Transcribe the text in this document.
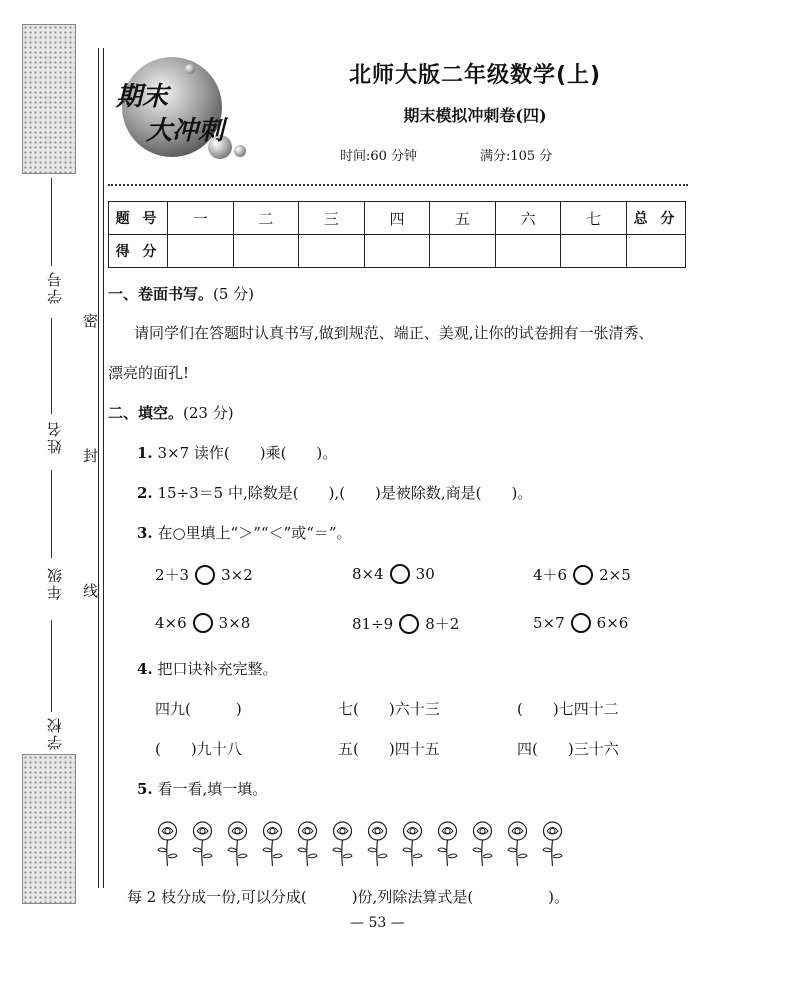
学号
姓名
年级
学校
密
封
线
期末
大冲刺
北师大版二年级数学(上)
期末模拟冲刺卷(四)
时间:60 分钟	满分:105 分
题 号	一	二	三	四	五	六	七	总 分
得 分								
一、卷面书写。(5 分)
请同学们在答题时认真书写,做到规范、端正、美观,让你的试卷拥有一张清秀、
漂亮的面孔!
二、填空。(23 分)
1. 3×7 读作(　　)乘(　　)。
2. 15÷3＝5 中,除数是(　　),(　　)是被除数,商是(　　)。
3. 在○里填上“＞”“＜”或“＝”。
2＋3 3×2	8×4 30	4＋6 2×5
4×6 3×8	81÷9 8＋2	5×7 6×6
4. 把口诀补充完整。
四九(　　　)	七(　　)六十三	(　　)七四十二
(　　)九十八	五(　　)四十五	四(　　)三十六
5. 看一看,填一填。
每 2 枝分成一份,可以分成(　　　)份,列除法算式是(　　　　　)。
— 53 —
